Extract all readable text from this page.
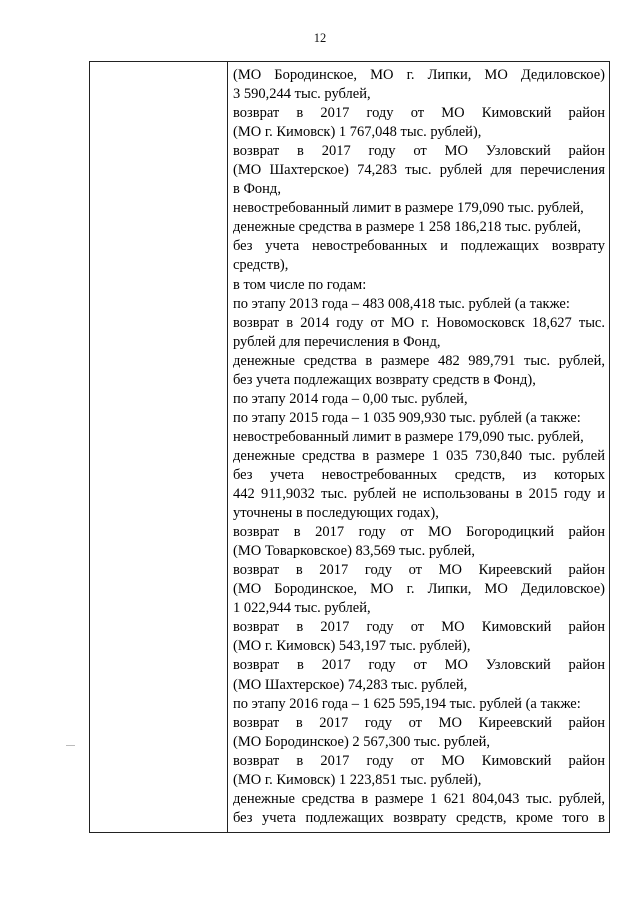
12
(МО Бородинское, МО г. Липки, МО Дедиловское)
3 590,244 тыс. рублей,
возврат в 2017 году от МО Кимовский район
(МО г. Кимовск) 1 767,048 тыс. рублей),
возврат в 2017 году от МО Узловский район
(МО Шахтерское) 74,283 тыс. рублей для перечисления
в Фонд,
невостребованный лимит в размере 179,090 тыс. рублей,
денежные средства в размере 1 258 186,218 тыс. рублей,
без учета невостребованных и подлежащих возврату
средств),
в том числе по годам:
по этапу 2013 года – 483 008,418 тыс. рублей (а также:
возврат в 2014 году от МО г. Новомосковск 18,627 тыс.
рублей для перечисления в Фонд,
денежные средства в размере 482 989,791 тыс. рублей,
без учета подлежащих возврату средств в Фонд),
по этапу 2014 года – 0,00 тыс. рублей,
по этапу 2015 года – 1 035 909,930 тыс. рублей (а также:
невостребованный лимит в размере 179,090 тыс. рублей,
денежные средства в размере 1 035 730,840 тыс. рублей
без учета невостребованных средств, из которых
442 911,9032 тыс. рублей не использованы в 2015 году и
уточнены в последующих годах),
возврат в 2017 году от МО Богородицкий район
(МО Товарковское) 83,569 тыс. рублей,
возврат в 2017 году от МО Киреевский район
(МО Бородинское, МО г. Липки, МО Дедиловское)
1 022,944 тыс. рублей,
возврат в 2017 году от МО Кимовский район
(МО г. Кимовск) 543,197 тыс. рублей),
возврат в 2017 году от МО Узловский район
(МО Шахтерское) 74,283 тыс. рублей,
по этапу 2016 года – 1 625 595,194 тыс. рублей (а также:
возврат в 2017 году от МО Киреевский район
(МО Бородинское) 2 567,300 тыс. рублей,
возврат в 2017 году от МО Кимовский район
(МО г. Кимовск) 1 223,851 тыс. рублей),
денежные средства в размере 1 621 804,043 тыс. рублей,
без учета подлежащих возврату средств, кроме того в
